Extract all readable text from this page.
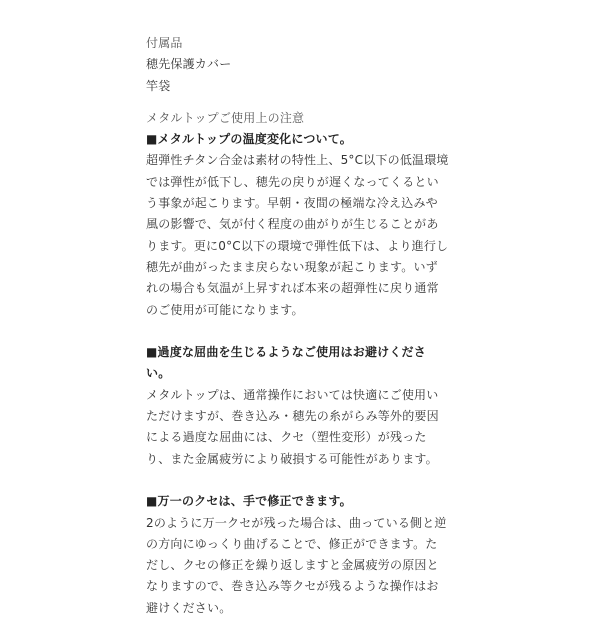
付属品
穂先保護カバー
竿袋
メタルトップご使用上の注意
■メタルトップの温度変化について。
超弾性チタン合金は素材の特性上、5°C以下の低温環境
では弾性が低下し、穂先の戻りが遅くなってくるとい
う事象が起こります。早朝・夜間の極端な冷え込みや
風の影響で、気が付く程度の曲がりが生じることがあ
ります。更に0°C以下の環境で弾性低下は、より進行し
穂先が曲がったまま戻らない現象が起こります。いず
れの場合も気温が上昇すれば本来の超弾性に戻り通常
のご使用が可能になります。
■過度な屈曲を生じるようなご使用はお避けくださ
い。
メタルトップは、通常操作においては快適にご使用い
ただけますが、巻き込み・穂先の糸がらみ等外的要因
による過度な屈曲には、クセ（塑性変形）が残った
り、また金属疲労により破損する可能性があります。
■万一のクセは、手で修正できます。
2のように万一クセが残った場合は、曲っている側と逆
の方向にゆっくり曲げることで、修正ができます。た
だし、クセの修正を繰り返しますと金属疲労の原因と
なりますので、巻き込み等クセが残るような操作はお
避けください。
